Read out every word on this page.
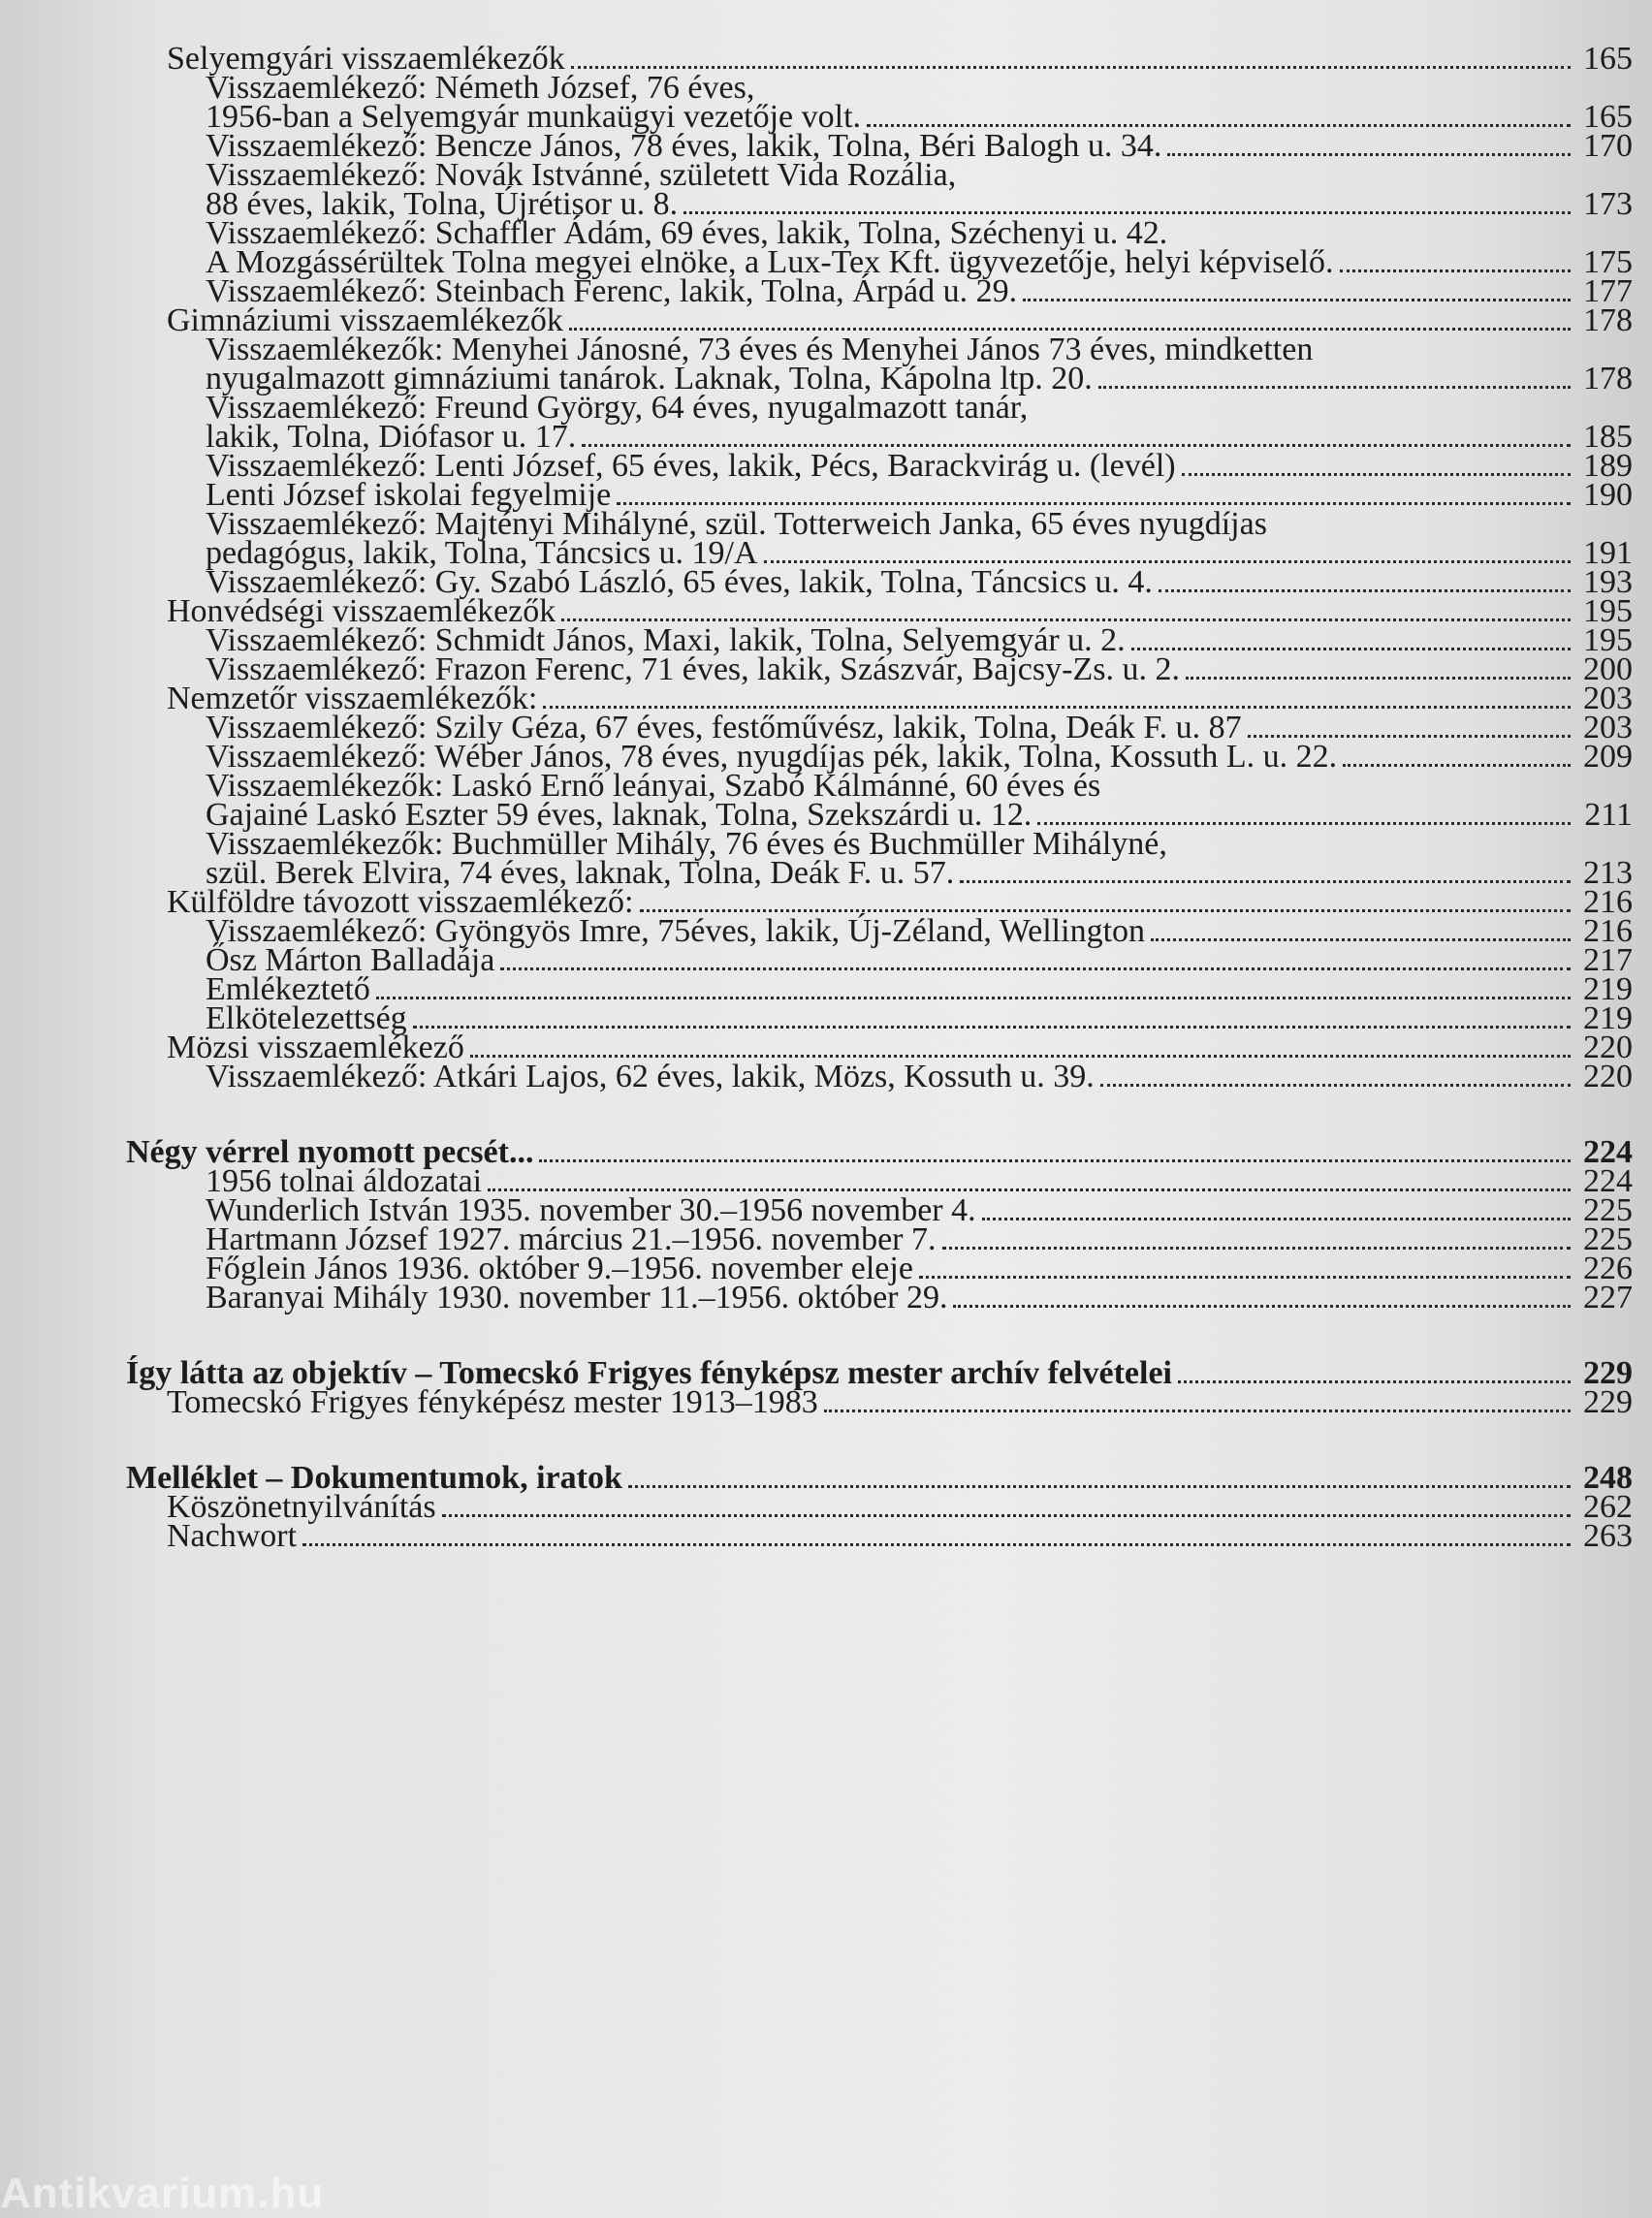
Selyemgyári visszaemlékezők	165
Visszaemlékező: Németh József, 76 éves,
1956-ban a Selyemgyár munkaügyi vezetője volt.	165
Visszaemlékező: Bencze János, 78 éves, lakik, Tolna, Béri Balogh u. 34.	170
Visszaemlékező: Novák Istvánné, született Vida Rozália,
88 éves, lakik, Tolna, Újrétisor u. 8.	173
Visszaemlékező: Schaffler Ádám, 69 éves, lakik, Tolna, Széchenyi u. 42.
A Mozgássérültek Tolna megyei elnöke, a Lux-Tex Kft. ügyvezetője, helyi képviselő.	175
Visszaemlékező: Steinbach Ferenc, lakik, Tolna, Árpád u. 29.	177
Gimnáziumi visszaemlékezők	178
Visszaemlékezők: Menyhei Jánosné, 73 éves és Menyhei János 73 éves, mindketten
nyugalmazott gimnáziumi tanárok. Laknak, Tolna, Kápolna ltp. 20.	178
Visszaemlékező: Freund György, 64 éves, nyugalmazott tanár,
lakik, Tolna, Diófasor u. 17.	185
Visszaemlékező: Lenti József, 65 éves, lakik, Pécs, Barackvirág u. (levél)	189
Lenti József iskolai fegyelmije	190
Visszaemlékező: Majtényi Mihályné, szül. Totterweich Janka, 65 éves nyugdíjas
pedagógus, lakik, Tolna, Táncsics u. 19/A	191
Visszaemlékező: Gy. Szabó László, 65 éves, lakik, Tolna, Táncsics u. 4.	193
Honvédségi visszaemlékezők	195
Visszaemlékező: Schmidt János, Maxi, lakik, Tolna, Selyemgyár u. 2.	195
Visszaemlékező: Frazon Ferenc, 71 éves, lakik, Szászvár, Bajcsy-Zs. u. 2.	200
Nemzetőr visszaemlékezők:	203
Visszaemlékező: Szily Géza, 67 éves, festőművész, lakik, Tolna, Deák F. u. 87	203
Visszaemlékező: Wéber János, 78 éves, nyugdíjas pék, lakik, Tolna, Kossuth L. u. 22.	209
Visszaemlékezők: Laskó Ernő leányai, Szabó Kálmánné, 60 éves és
Gajainé Laskó Eszter 59 éves, laknak, Tolna, Szekszárdi u. 12.	211
Visszaemlékezők: Buchmüller Mihály, 76 éves és Buchmüller Mihályné,
szül. Berek Elvira, 74 éves, laknak, Tolna, Deák F. u. 57.	213
Külföldre távozott visszaemlékező:	216
Visszaemlékező: Gyöngyös Imre, 75éves, lakik, Új-Zéland, Wellington	216
Ősz Márton Balladája	217
Emlékeztető	219
Elkötelezettség	219
Mözsi visszaemlékező	220
Visszaemlékező: Atkári Lajos, 62 éves, lakik, Mözs, Kossuth u. 39.	220
Négy vérrel nyomott pecsét...	224
1956 tolnai áldozatai	224
Wunderlich István 1935. november 30.–1956 november 4.	225
Hartmann József 1927. március 21.–1956. november 7.	225
Főglein János 1936. október 9.–1956. november eleje	226
Baranyai Mihály 1930. november 11.–1956. október 29.	227
Így látta az objektív – Tomecskó Frigyes fényképsz mester archív felvételei	229
Tomecskó Frigyes fényképész mester 1913–1983	229
Melléklet – Dokumentumok, iratok	248
Köszönetnyilvánítás	262
Nachwort	263
Antikvarium.hu
